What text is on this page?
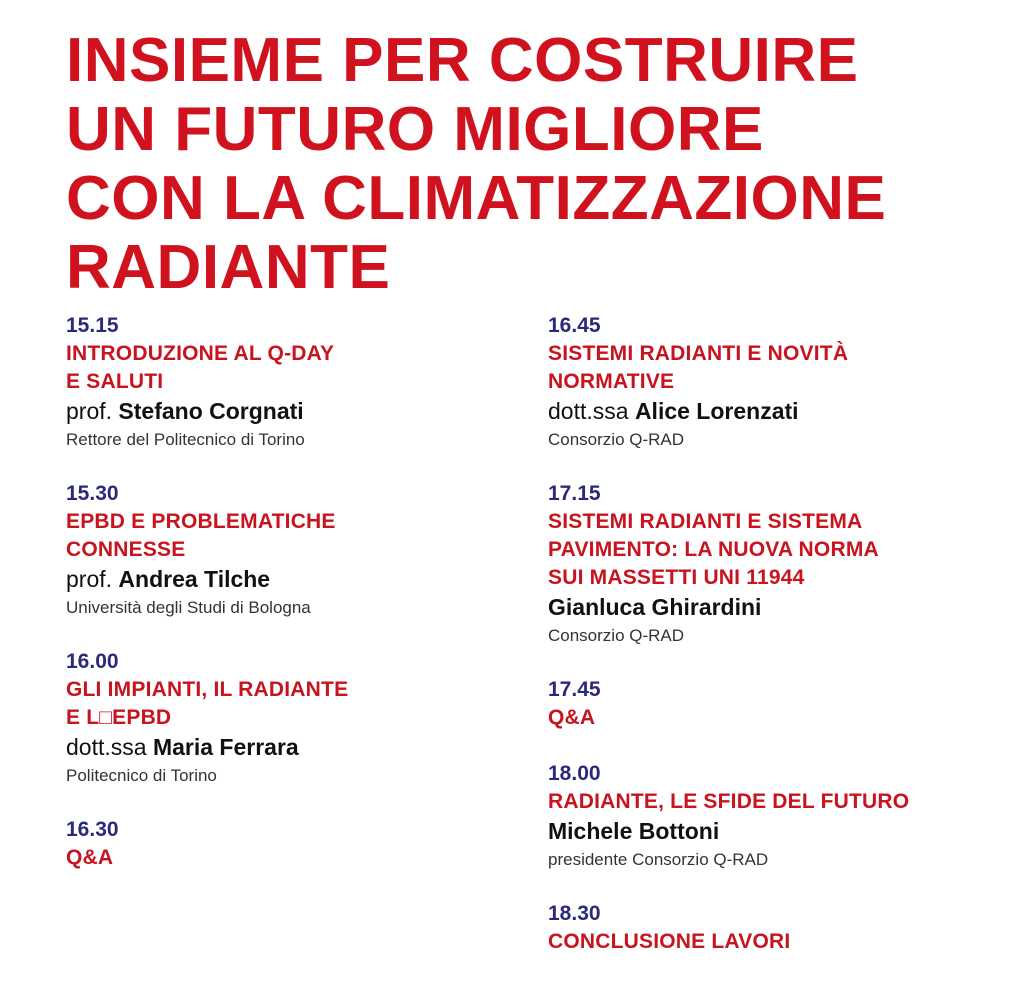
INSIEME PER COSTRUIRE
UN FUTURO MIGLIORE
CON LA CLIMATIZZAZIONE
RADIANTE
15.15
INTRODUZIONE AL Q-DAY
E SALUTI
prof. Stefano Corgnati
Rettore del Politecnico di Torino
15.30
EPBD E PROBLEMATICHE
CONNESSE
prof. Andrea Tilche
Università degli Studi di Bologna
16.00
GLI IMPIANTI, IL RADIANTE
E L□EPBD
dott.ssa Maria Ferrara
Politecnico di Torino
16.30
Q&A
16.45
SISTEMI RADIANTI E NOVITÀ
NORMATIVE
dott.ssa Alice Lorenzati
Consorzio Q-RAD
17.15
SISTEMI RADIANTI E SISTEMA
PAVIMENTO: LA NUOVA NORMA
SUI MASSETTI UNI 11944
Gianluca Ghirardini
Consorzio Q-RAD
17.45
Q&A
18.00
RADIANTE, LE SFIDE DEL FUTURO
Michele Bottoni
presidente Consorzio Q-RAD
18.30
CONCLUSIONE LAVORI
